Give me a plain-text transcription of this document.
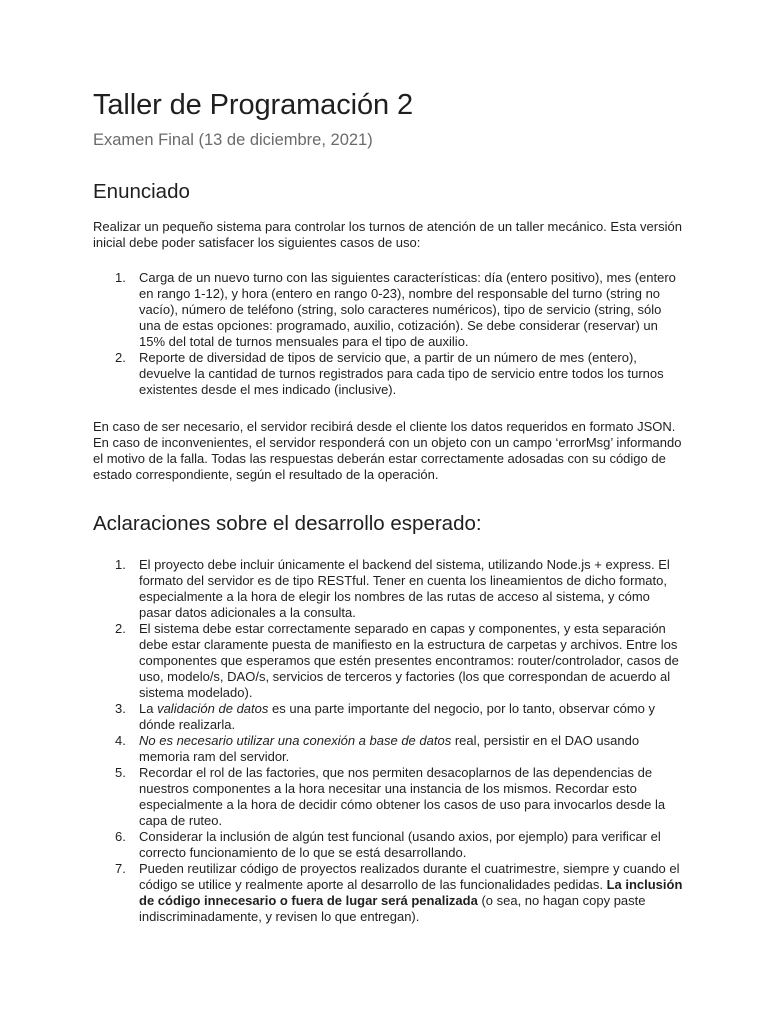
Taller de Programación 2
Examen Final (13 de diciembre, 2021)
Enunciado

Realizar un pequeño sistema para controlar los turnos de atención de un taller mecánico. Esta versión inicial debe poder satisfacer los siguientes casos de uso:

1.	Carga de un nuevo turno con las siguientes características: día (entero positivo), mes (entero en rango 1-12), y hora (entero en rango 0-23), nombre del responsable del turno (string no vacío), número de teléfono (string, solo caracteres numéricos), tipo de servicio (string, sólo una de estas opciones: programado, auxilio, cotización). Se debe considerar (reservar) un 15% del total de turnos mensuales para el tipo de auxilio.
2.	Reporte de diversidad de tipos de servicio que, a partir de un número de mes (entero), devuelve la cantidad de turnos registrados para cada tipo de servicio entre todos los turnos existentes desde el mes indicado (inclusive).

En caso de ser necesario, el servidor recibirá desde el cliente los datos requeridos en formato JSON. En caso de inconvenientes, el servidor responderá con un objeto con un campo ‘errorMsg’ informando el motivo de la falla. Todas las respuestas deberán estar correctamente adosadas con su código de estado correspondiente, según el resultado de la operación.

Aclaraciones sobre el desarrollo esperado:
1.	El proyecto debe incluir únicamente el backend del sistema, utilizando Node.js + express. El formato del servidor es de tipo RESTful. Tener en cuenta los lineamientos de dicho formato, especialmente a la hora de elegir los nombres de las rutas de acceso al sistema, y cómo pasar datos adicionales a la consulta.
2.	El sistema debe estar correctamente separado en capas y componentes, y esta separación debe estar claramente puesta de manifiesto en la estructura de carpetas y archivos. Entre los componentes que esperamos que estén presentes encontramos: router/controlador, casos de uso, modelo/s, DAO/s, servicios de terceros y factories (los que correspondan de acuerdo al sistema modelado).
3.	La validación de datos es una parte importante del negocio, por lo tanto, observar cómo y dónde realizarla.
4.	No es necesario utilizar una conexión a base de datos real, persistir en el DAO usando memoria ram del servidor.
5.	Recordar el rol de las factories, que nos permiten desacoplarnos de las dependencias de nuestros componentes a la hora necesitar una instancia de los mismos. Recordar esto especialmente a la hora de decidir cómo obtener los casos de uso para invocarlos desde la capa de ruteo.
6.	Considerar la inclusión de algún test funcional (usando axios, por ejemplo) para verificar el correcto funcionamiento de lo que se está desarrollando.
7.	Pueden reutilizar código de proyectos realizados durante el cuatrimestre, siempre y cuando el código se utilice y realmente aporte al desarrollo de las funcionalidades pedidas. La inclusión de código innecesario o fuera de lugar será penalizada (o sea, no hagan copy paste indiscriminadamente, y revisen lo que entregan).
